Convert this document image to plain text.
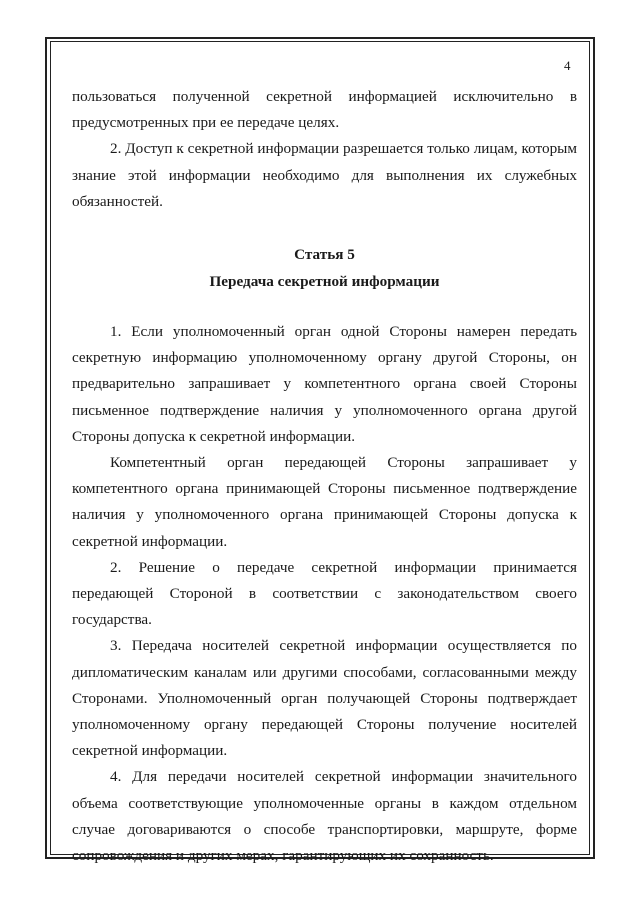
4

пользоваться полученной секретной информацией исключительно в предусмотренных при ее передаче целях.

2. Доступ к секретной информации разрешается только лицам, которым знание этой информации необходимо для выполнения их служебных обязанностей.

Статья 5
Передача секретной информации

1. Если уполномоченный орган одной Стороны намерен передать секретную информацию уполномоченному органу другой Стороны, он предварительно запрашивает у компетентного органа своей Стороны письменное подтверждение наличия у уполномоченного органа другой Стороны допуска к секретной информации.

Компетентный орган передающей Стороны запрашивает у компетентного органа принимающей Стороны письменное подтверждение наличия у уполномоченного органа принимающей Стороны допуска к секретной информации.

2. Решение о передаче секретной информации принимается передающей Стороной в соответствии с законодательством своего государства.

3. Передача носителей секретной информации осуществляется по дипломатическим каналам или другими способами, согласованными между Сторонами. Уполномоченный орган получающей Стороны подтверждает уполномоченному органу передающей Стороны получение носителей секретной информации.

4. Для передачи носителей секретной информации значительного объема соответствующие уполномоченные органы в каждом отдельном случае договариваются о способе транспортировки, маршруте, форме сопровождения и других мерах, гарантирующих их сохранность.
